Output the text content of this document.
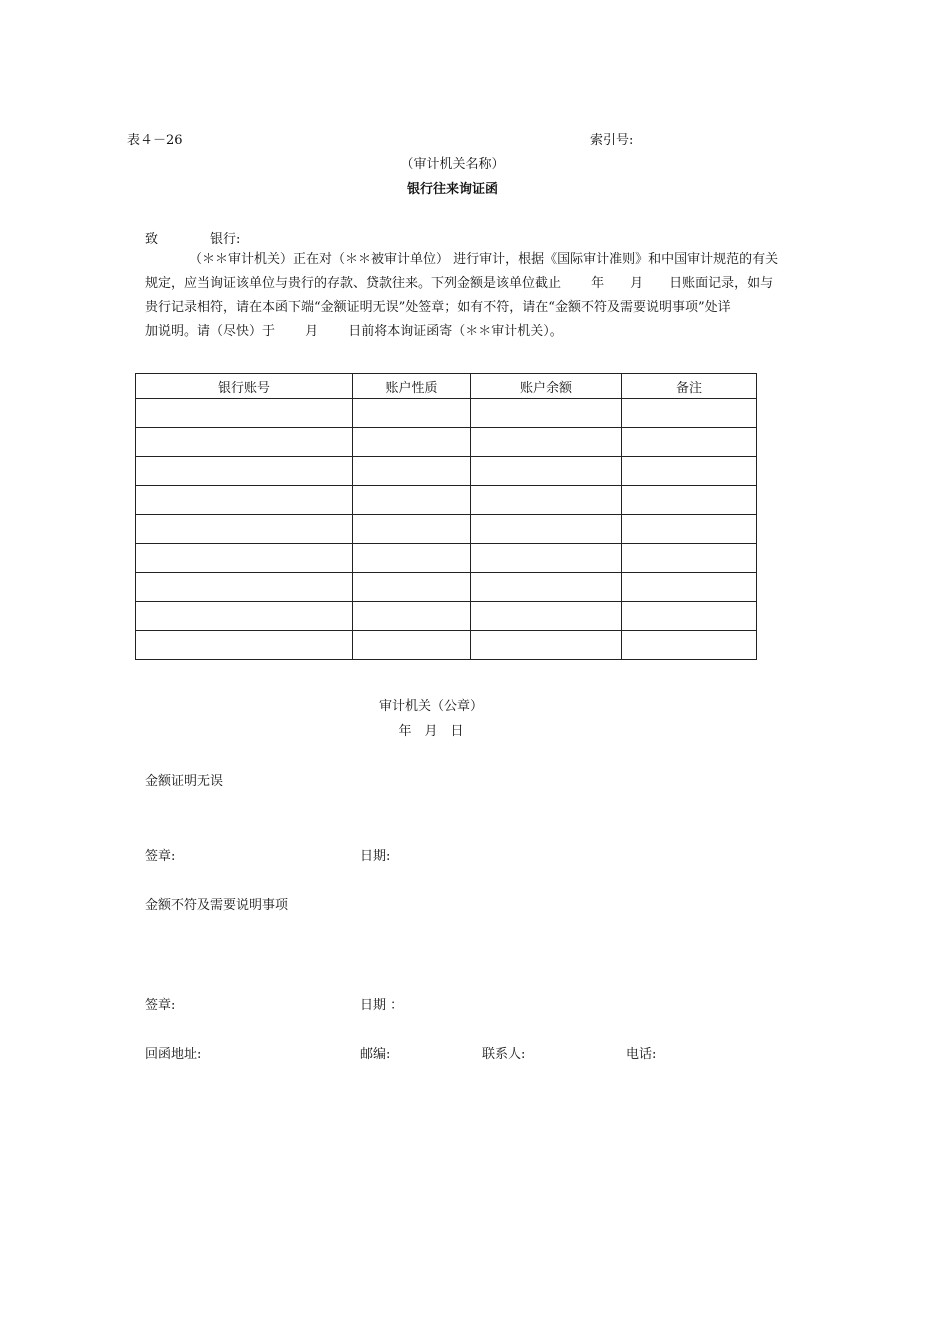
表４－26	索引号:
（审计机关名称）
银行往来询证函
致	银行:

（＊＊审计机关）正在对（＊＊被审计单位） 进行审计，根据《国际审计准则》和中国审计规范的有关

规定，应当询证该单位与贵行的存款、贷款往来。下列金额是该单位截止　　 年　　月　　日账面记录，如与

贵行记录相符，请在本函下端“金额证明无误”处签章；如有不符，请在“金额不符及需要说明事项”处详

加说明。请（尽快）于　　 月　　 日前将本询证函寄（＊＊审计机关）。

银行账号	账户性质	账户余额	备注

审计机关（公章）
年　月　日
金额证明无误
签章:	日期:
金额不符及需要说明事项
签章:	日期 ：
回函地址:	邮编:	联系人:	电话:
